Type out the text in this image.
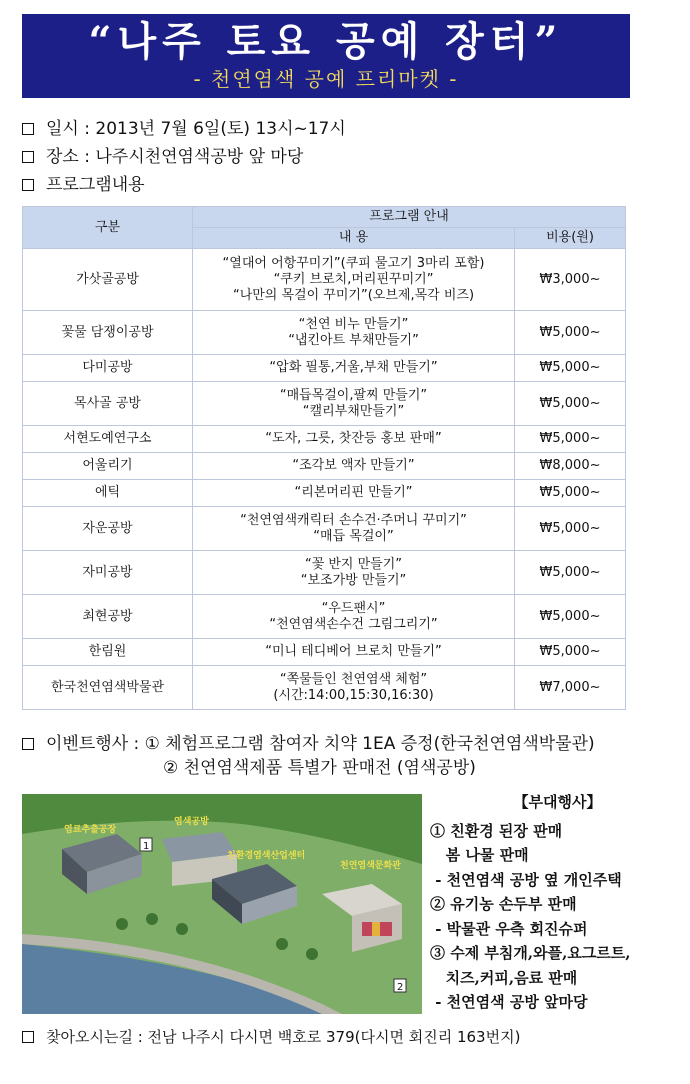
“나주 토요 공예 장터”
- 천연염색 공예 프리마켓 -
일시 : 2013년 7월 6일(토) 13시~17시
장소 : 나주시천연염색공방 앞 마당
프로그램내용
구분	프로그램 안내	
	내 용	비용(원)
가삿골공방	“열대어 어항꾸미기”(쿠피 물고기 3마리 포함)
“쿠키 브로치,머리핀꾸미기”
“나만의 목걸이 꾸미기”(오브제,목각 비즈)	₩3,000~
꽃물 담쟁이공방	“천연 비누 만들기”
“냅킨아트 부채만들기”	₩5,000~
다미공방	“압화 필통,거울,부채 만들기”	₩5,000~
목사골 공방	“매듭목걸이,팔찌 만들기”
“캘리부채만들기”	₩5,000~
서현도예연구소	“도자, 그릇, 찻잔등 홍보 판매”	₩5,000~
어울리기	“조각보 액자 만들기”	₩8,000~
에틱	“리본머리핀 만들기”	₩5,000~
자운공방	“천연염색캐릭터 손수건·주머니 꾸미기”
“매듭 목걸이”	₩5,000~
자미공방	“꽃 반지 만들기”
“보조가방 만들기”	₩5,000~
최현공방	“우드팬시”
“천연염색손수건 그림그리기”	₩5,000~
한림원	“미니 테디베어 브로치 만들기”	₩5,000~
한국천연염색박물관	“쪽물들인 천연염색 체험”
(시간:14:00,15:30,16:30)	₩7,000~
이벤트행사 : ① 체험프로그램 참여자 치약 1EA 증정(한국천연염색박물관)
② 천연염색제품 특별가 판매전 (염색공방)
염료추출공장
염색공방
친환경염색산업센터
천연염색문화관
1
2
【부대행사】
① 친환경 된장 판매
봄 나물 판매
- 천연염색 공방 옆 개인주택
② 유기농 손두부 판매
- 박물관 우측 회진슈퍼
③ 수제 부침개,와플,요그르트,
치즈,커피,음료 판매
- 천연염색 공방 앞마당
찾아오시는길 : 전남 나주시 다시면 백호로 379(다시면 회진리 163번지)
